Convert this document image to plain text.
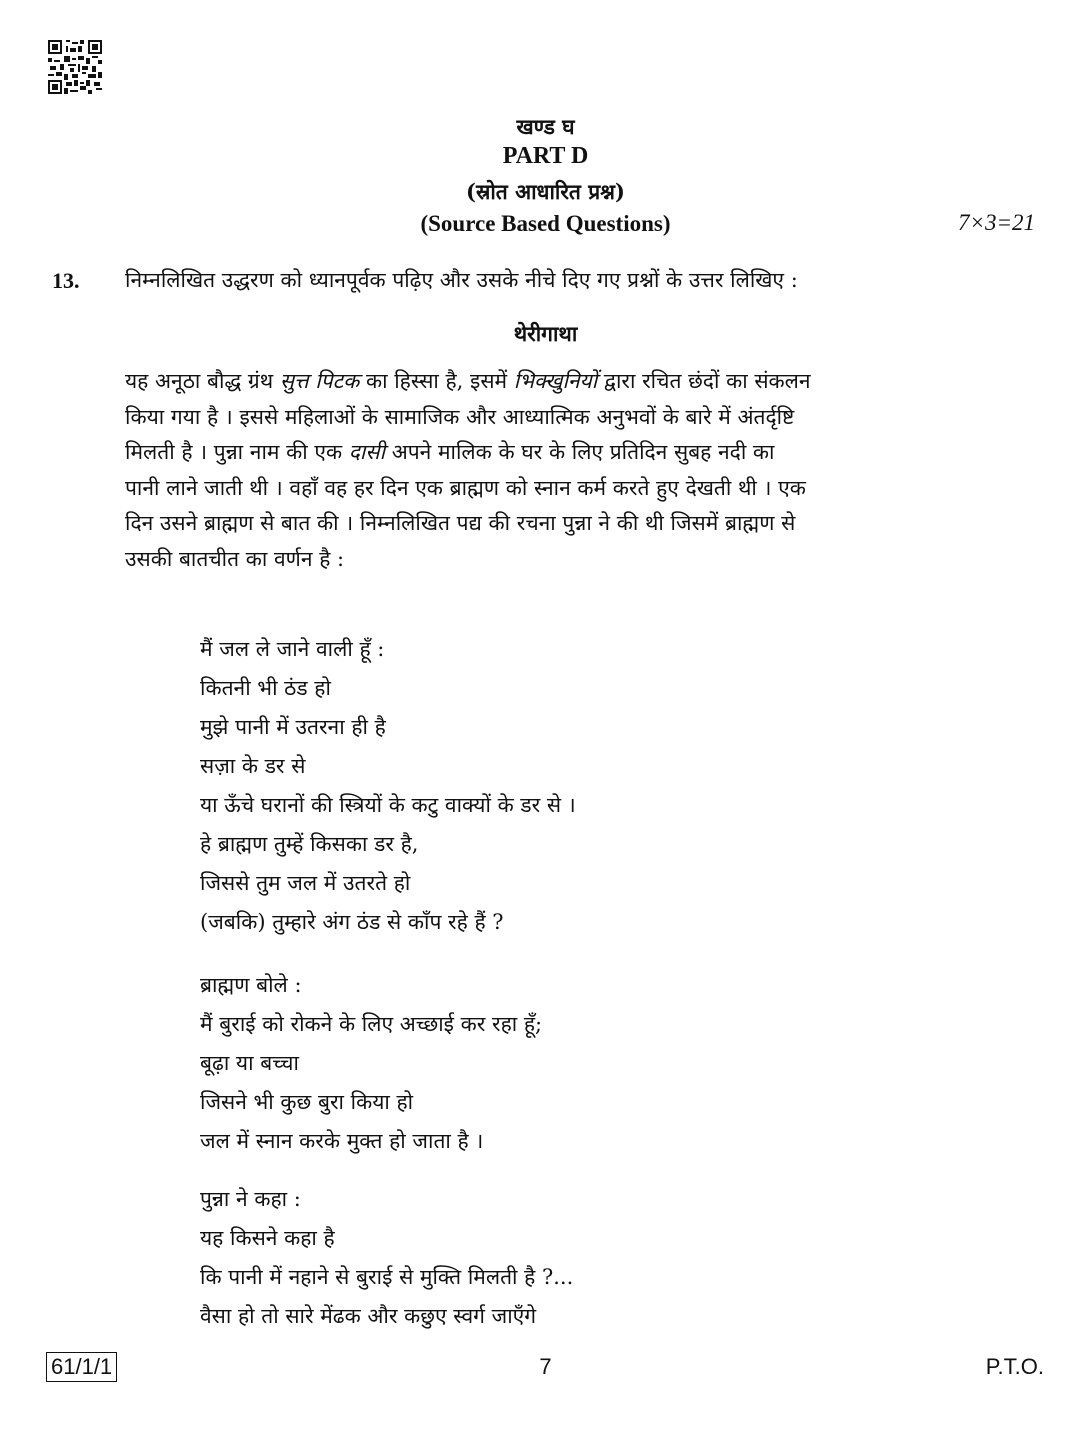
खण्ड घ
PART D
(स्रोत आधारित प्रश्न)
(Source Based Questions)	7×3=21
13. निम्नलिखित उद्धरण को ध्यानपूर्वक पढ़िए और उसके नीचे दिए गए प्रश्नों के उत्तर लिखिए :
थेरीगाथा
यह अनूठा बौद्ध ग्रंथ सुत्त पिटक का हिस्सा है, इसमें भिक्खुनियों द्वारा रचित छंदों का संकलन
किया गया है । इससे महिलाओं के सामाजिक और आध्यात्मिक अनुभवों के बारे में अंतर्दृष्टि
मिलती है । पुन्ना नाम की एक दासी अपने मालिक के घर के लिए प्रतिदिन सुबह नदी का
पानी लाने जाती थी । वहाँ वह हर दिन एक ब्राह्मण को स्नान कर्म करते हुए देखती थी । एक
दिन उसने ब्राह्मण से बात की । निम्नलिखित पद्य की रचना पुन्ना ने की थी जिसमें ब्राह्मण से
उसकी बातचीत का वर्णन है :
मैं जल ले जाने वाली हूँ :
कितनी भी ठंड हो
मुझे पानी में उतरना ही है
सज़ा के डर से
या ऊँचे घरानों की स्त्रियों के कटु वाक्यों के डर से ।
हे ब्राह्मण तुम्हें किसका डर है,
जिससे तुम जल में उतरते हो
(जबकि) तुम्हारे अंग ठंड से काँप रहे हैं ?
ब्राह्मण बोले :
मैं बुराई को रोकने के लिए अच्छाई कर रहा हूँ;
बूढ़ा या बच्चा
जिसने भी कुछ बुरा किया हो
जल में स्नान करके मुक्त हो जाता है ।
पुन्ना ने कहा :
यह किसने कहा है
कि पानी में नहाने से बुराई से मुक्ति मिलती है ?...
वैसा हो तो सारे मेंढक और कछुए स्वर्ग जाएँगे
61/1/1	7	P.T.O.
